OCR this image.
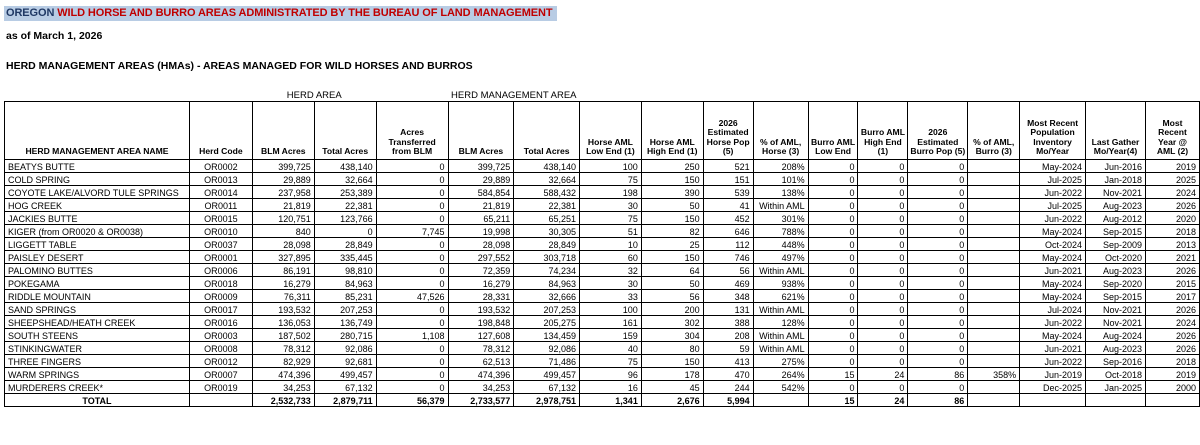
OREGON WILD HORSE AND BURRO AREAS ADMINISTRATED BY THE BUREAU OF LAND MANAGEMENT
as of March 1, 2026
HERD MANAGEMENT AREAS (HMAs) - AREAS MANAGED FOR WILD HORSES AND BURROS
		HERD AREA			HERD MANAGEMENT AREA												
HERD MANAGEMENT AREA NAME	Herd Code	BLM Acres	Total Acres	Acres Transferred from BLM	BLM Acres	Total Acres	Horse AML Low End (1)	Horse AML High End (1)	2026 Estimated Horse Pop (5)	% of AML, Horse (3)	Burro AML Low End	Burro AML High End (1)	2026 Estimated Burro Pop (5)	% of AML, Burro (3)	Most Recent Population Inventory Mo/Year	Last Gather Mo/Year(4)	Most Recent Year @ AML (2)
BEATYS BUTTE	OR0002	399,725	438,140	0	399,725	438,140	100	250	521	208%	0	0	0		May-2024	Jun-2016	2019
COLD SPRING	OR0013	29,889	32,664	0	29,889	32,664	75	150	151	101%	0	0	0		Jul-2025	Jan-2018	2025
COYOTE LAKE/ALVORD TULE SPRINGS	OR0014	237,958	253,389	0	584,854	588,432	198	390	539	138%	0	0	0		Jun-2022	Nov-2021	2024
HOG CREEK	OR0011	21,819	22,381	0	21,819	22,381	30	50	41	Within AML	0	0	0		Jul-2025	Aug-2023	2026
JACKIES BUTTE	OR0015	120,751	123,766	0	65,211	65,251	75	150	452	301%	0	0	0		Jun-2022	Aug-2012	2020
KIGER (from OR0020 & OR0038)	OR0010	840	0	7,745	19,998	30,305	51	82	646	788%	0	0	0		May-2024	Sep-2015	2018
LIGGETT TABLE	OR0037	28,098	28,849	0	28,098	28,849	10	25	112	448%	0	0	0		Oct-2024	Sep-2009	2013
PAISLEY DESERT	OR0001	327,895	335,445	0	297,552	303,718	60	150	746	497%	0	0	0		May-2024	Oct-2020	2021
PALOMINO BUTTES	OR0006	86,191	98,810	0	72,359	74,234	32	64	56	Within AML	0	0	0		Jun-2021	Aug-2023	2026
POKEGAMA	OR0018	16,279	84,963	0	16,279	84,963	30	50	469	938%	0	0	0		May-2024	Sep-2020	2015
RIDDLE MOUNTAIN	OR0009	76,311	85,231	47,526	28,331	32,666	33	56	348	621%	0	0	0		May-2024	Sep-2015	2017
SAND SPRINGS	OR0017	193,532	207,253	0	193,532	207,253	100	200	131	Within AML	0	0	0		Jul-2024	Nov-2021	2026
SHEEPSHEAD/HEATH CREEK	OR0016	136,053	136,749	0	198,848	205,275	161	302	388	128%	0	0	0		Jun-2022	Nov-2021	2024
SOUTH STEENS	OR0003	187,502	280,715	1,108	127,608	134,459	159	304	208	Within AML	0	0	0		May-2024	Aug-2024	2026
STINKINGWATER	OR0008	78,312	92,086	0	78,312	92,086	40	80	59	Within AML	0	0	0		Jun-2021	Aug-2023	2026
THREE FINGERS	OR0012	82,929	92,681	0	62,513	71,486	75	150	413	275%	0	0	0		Jun-2022	Sep-2016	2018
WARM SPRINGS	OR0007	474,396	499,457	0	474,396	499,457	96	178	470	264%	15	24	86	358%	Jun-2019	Oct-2018	2019
MURDERERS CREEK*	OR0019	34,253	67,132	0	34,253	67,132	16	45	244	542%	0	0	0		Dec-2025	Jan-2025	2000
TOTAL		2,532,733	2,879,711	56,379	2,733,577	2,978,751	1,341	2,676	5,994		15	24	86				
